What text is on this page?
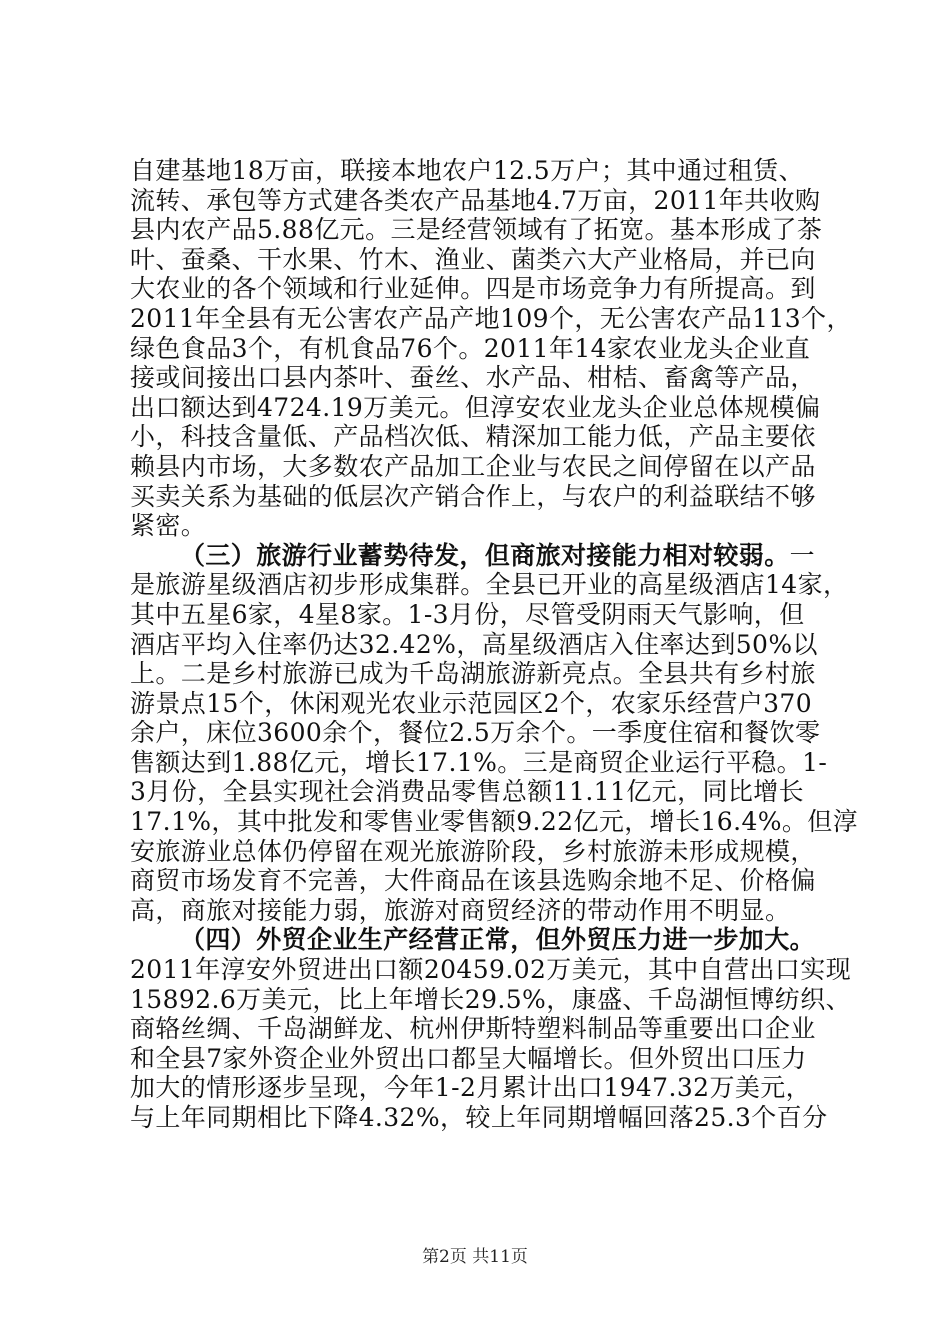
自建基地18万亩，联接本地农户12.5万户；其中通过租赁、
流转、承包等方式建各类农产品基地4.7万亩，2011年共收购
县内农产品5.88亿元。三是经营领域有了拓宽。基本形成了茶
叶、蚕桑、干水果、竹木、渔业、菌类六大产业格局，并已向
大农业的各个领域和行业延伸。四是市场竞争力有所提高。到
2011年全县有无公害农产品产地109个，无公害农产品113个，
绿色食品3个，有机食品76个。2011年14家农业龙头企业直
接或间接出口县内茶叶、蚕丝、水产品、柑桔、畜禽等产品，
出口额达到4724.19万美元。但淳安农业龙头企业总体规模偏
小，科技含量低、产品档次低、精深加工能力低，产品主要依
赖县内市场，大多数农产品加工企业与农民之间停留在以产品
买卖关系为基础的低层次产销合作上，与农户的利益联结不够
紧密。
（三）旅游行业蓄势待发，但商旅对接能力相对较弱。一
是旅游星级酒店初步形成集群。全县已开业的高星级酒店14家，
其中五星6家，4星8家。1-3月份，尽管受阴雨天气影响，但
酒店平均入住率仍达32.42%，高星级酒店入住率达到50%以
上。二是乡村旅游已成为千岛湖旅游新亮点。全县共有乡村旅
游景点15个，休闲观光农业示范园区2个，农家乐经营户370
余户，床位3600余个，餐位2.5万余个。一季度住宿和餐饮零
售额达到1.88亿元，增长17.1%。三是商贸企业运行平稳。1-
3月份，全县实现社会消费品零售总额11.11亿元，同比增长
17.1%，其中批发和零售业零售额9.22亿元，增长16.4%。但淳
安旅游业总体仍停留在观光旅游阶段，乡村旅游未形成规模，
商贸市场发育不完善，大件商品在该县选购余地不足、价格偏
高，商旅对接能力弱，旅游对商贸经济的带动作用不明显。
（四）外贸企业生产经营正常，但外贸压力进一步加大。
2011年淳安外贸进出口额20459.02万美元，其中自营出口实现
15892.6万美元，比上年增长29.5%，康盛、千岛湖恒博纺织、
商辂丝绸、千岛湖鲜龙、杭州伊斯特塑料制品等重要出口企业
和全县7家外资企业外贸出口都呈大幅增长。但外贸出口压力
加大的情形逐步呈现，今年1-2月累计出口1947.32万美元，
与上年同期相比下降4.32%，较上年同期增幅回落25.3个百分
第2页 共11页
